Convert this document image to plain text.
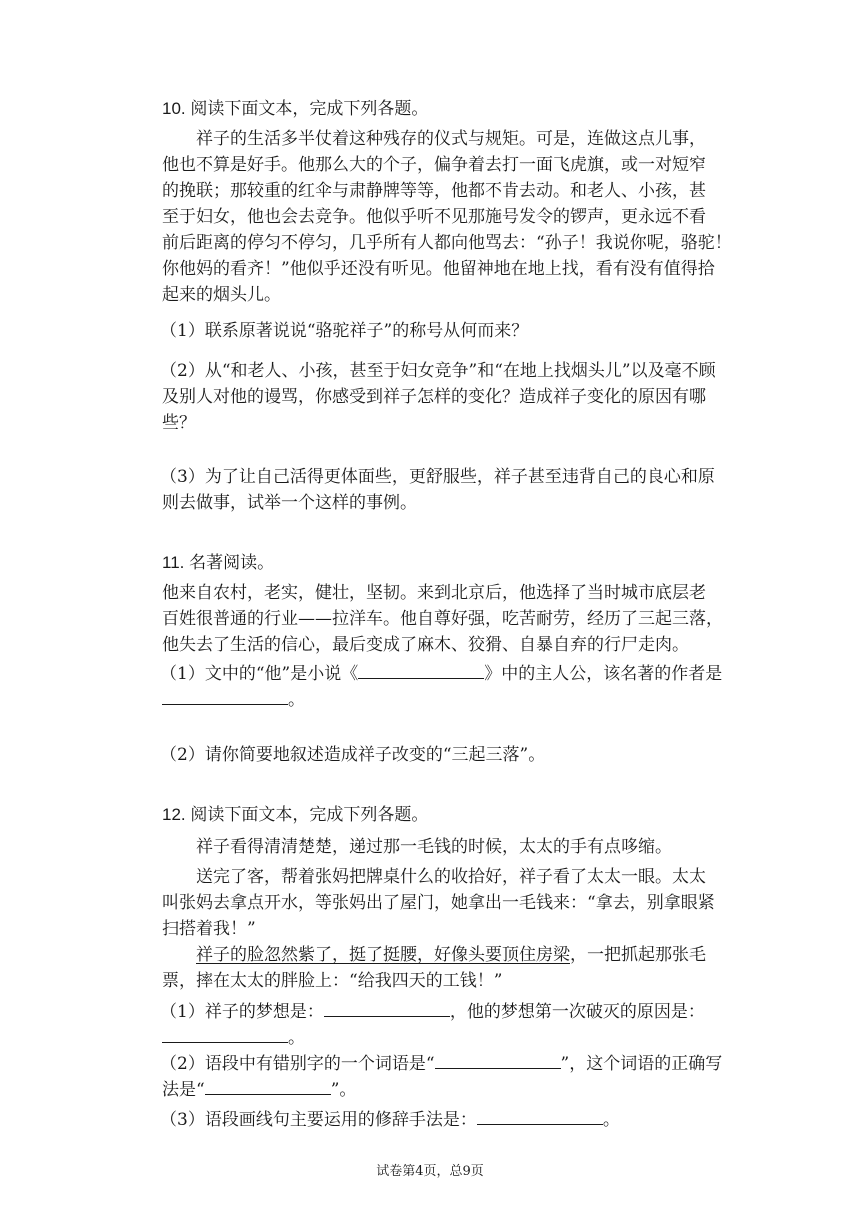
10. 阅读下面文本，完成下列各题。
祥子的生活多半仗着这种残存的仪式与规矩。可是，连做这点儿事，
他也不算是好手。他那么大的个子，偏争着去打一面飞虎旗，或一对短窄
的挽联；那较重的红伞与肃静牌等等，他都不肯去动。和老人、小孩，甚
至于妇女，他也会去竞争。他似乎听不见那施号发令的锣声，更永远不看
前后距离的停匀不停匀，几乎所有人都向他骂去：“孙子！我说你呢，骆驼！
你他妈的看齐！”他似乎还没有听见。他留神地在地上找，看有没有值得拾
起来的烟头儿。
（1）联系原著说说“骆驼祥子”的称号从何而来？
（2）从“和老人、小孩，甚至于妇女竞争”和“在地上找烟头儿”以及毫不顾
及别人对他的谩骂，你感受到祥子怎样的变化？造成祥子变化的原因有哪
些？
（3）为了让自己活得更体面些，更舒服些，祥子甚至违背自己的良心和原
则去做事，试举一个这样的事例。
11. 名著阅读。
他来自农村，老实，健壮，坚韧。来到北京后，他选择了当时城市底层老
百姓很普通的行业——拉洋车。他自尊好强，吃苦耐劳，经历了三起三落，
他失去了生活的信心，最后变成了麻木、狡猾、自暴自弃的行尸走肉。
（1）文中的“他”是小说《	》中的主人公，该名著的作者是
。
（2）请你简要地叙述造成祥子改变的“三起三落”。
12. 阅读下面文本，完成下列各题。
祥子看得清清楚楚，递过那一毛钱的时候，太太的手有点哆缩。
送完了客，帮着张妈把牌桌什么的收拾好，祥子看了太太一眼。太太
叫张妈去拿点开水，等张妈出了屋门，她拿出一毛钱来：“拿去，别拿眼紧
扫搭着我！”
祥子的脸忽然紫了，挺了挺腰，好像头要顶住房梁，一把抓起那张毛
票，摔在太太的胖脸上：“给我四天的工钱！”
（1）祥子的梦想是：	，他的梦想第一次破灭的原因是：
。
（2）语段中有错别字的一个词语是“	”，这个词语的正确写
法是“	”。
（3）语段画线句主要运用的修辞手法是：	。
试卷第4页，总9页
